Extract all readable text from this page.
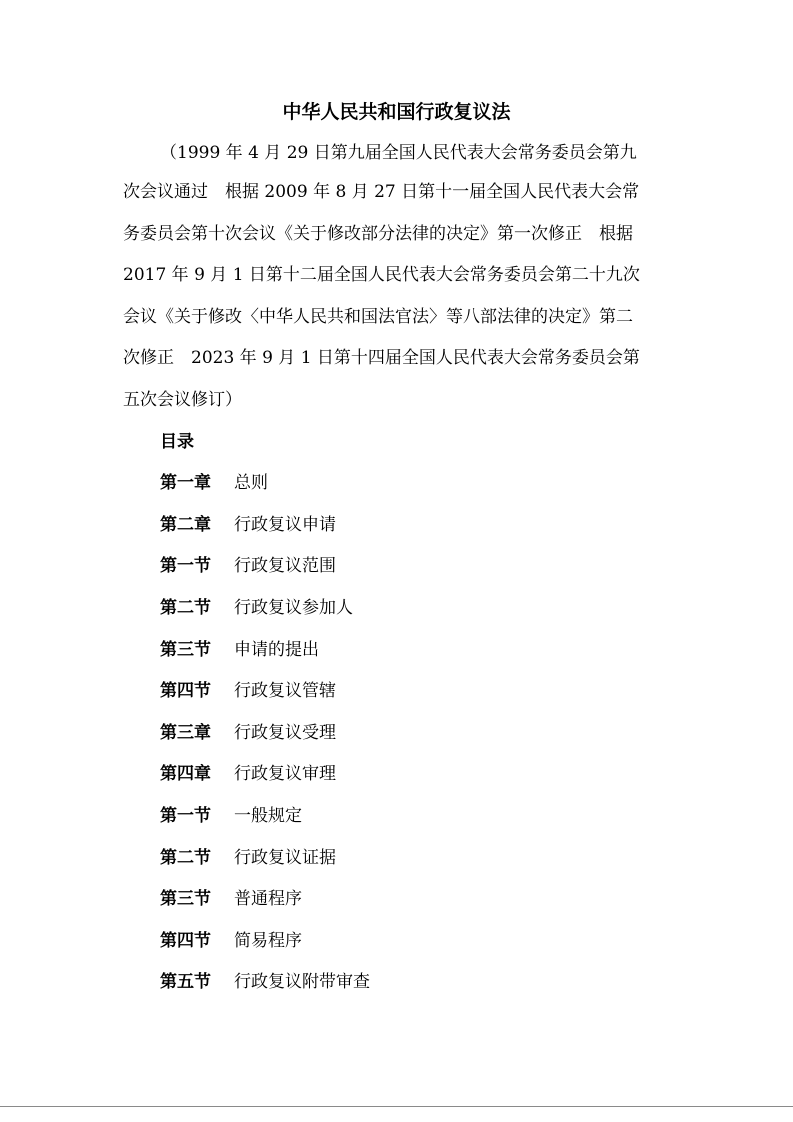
中华人民共和国行政复议法
（1999 年 4 月 29 日第九届全国人民代表大会常务委员会第九
次会议通过　根据 2009 年 8 月 27 日第十一届全国人民代表大会常
务委员会第十次会议《关于修改部分法律的决定》第一次修正　根据
2017 年 9 月 1 日第十二届全国人民代表大会常务委员会第二十九次
会议《关于修改〈中华人民共和国法官法〉等八部法律的决定》第二
次修正　2023 年 9 月 1 日第十四届全国人民代表大会常务委员会第
五次会议修订）
目录
第一章 总则
第二章 行政复议申请
第一节 行政复议范围
第二节 行政复议参加人
第三节 申请的提出
第四节 行政复议管辖
第三章 行政复议受理
第四章 行政复议审理
第一节 一般规定
第二节 行政复议证据
第三节 普通程序
第四节 简易程序
第五节 行政复议附带审查
